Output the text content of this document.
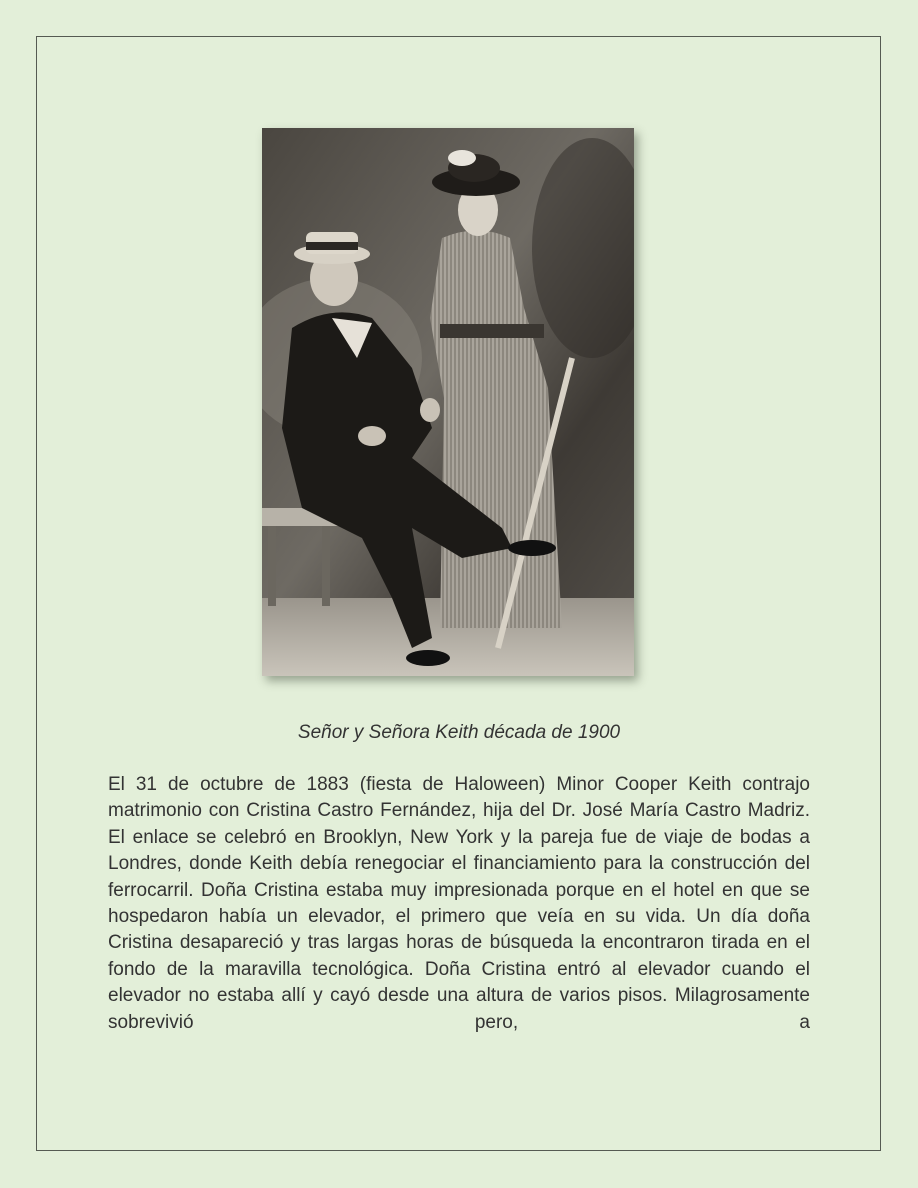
Señor y Señora Keith década de 1900

El 31 de octubre de 1883 (fiesta de Haloween) Minor Cooper Keith contrajo matrimonio con Cristina Castro Fernández, hija del Dr. José María Castro Madriz. El enlace se celebró en Brooklyn, New York y la pareja fue de viaje de bodas a Londres, donde Keith debía renegociar el financiamiento para la construcción del ferrocarril. Doña Cristina estaba muy impresionada porque en el hotel en que se hospedaron había un elevador, el primero que veía en su vida. Un día doña Cristina desapareció y tras largas horas de búsqueda la encontraron tirada en el fondo de la maravilla tecnológica. Doña Cristina entró al elevador cuando el elevador no estaba allí y cayó desde una altura de varios pisos. Milagrosamente sobrevivió pero, a
